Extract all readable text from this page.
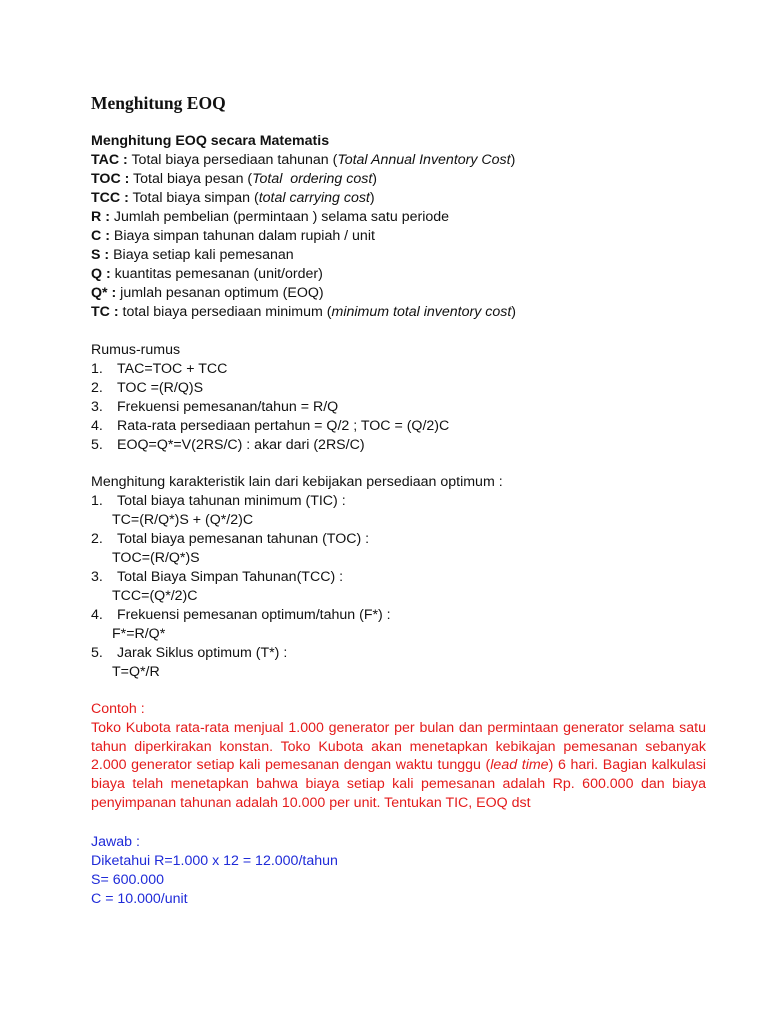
Menghitung EOQ
Menghitung EOQ secara Matematis
TAC : Total biaya persediaan tahunan (Total Annual Inventory Cost)
TOC : Total biaya pesan (Total  ordering cost)
TCC : Total biaya simpan (total carrying cost)
R : Jumlah pembelian (permintaan ) selama satu periode
C : Biaya simpan tahunan dalam rupiah / unit
S : Biaya setiap kali pemesanan
Q : kuantitas pemesanan (unit/order)
Q* : jumlah pesanan optimum (EOQ)
TC : total biaya persediaan minimum (minimum total inventory cost)
Rumus-rumus
1. TAC=TOC + TCC
2. TOC =(R/Q)S
3. Frekuensi pemesanan/tahun = R/Q
4. Rata-rata persediaan pertahun = Q/2 ; TOC = (Q/2)C
5. EOQ=Q*=V(2RS/C) : akar dari (2RS/C)
Menghitung karakteristik lain dari kebijakan persediaan optimum :
1. Total biaya tahunan minimum (TIC) :
TC=(R/Q*)S + (Q*/2)C
2. Total biaya pemesanan tahunan (TOC) :
TOC=(R/Q*)S
3. Total Biaya Simpan Tahunan(TCC) :
TCC=(Q*/2)C
4. Frekuensi pemesanan optimum/tahun (F*) :
F*=R/Q*
5. Jarak Siklus optimum (T*) :
T=Q*/R
Contoh :
Toko Kubota rata-rata menjual 1.000 generator per bulan dan permintaan generator selama satu tahun diperkirakan konstan. Toko Kubota akan menetapkan kebikajan pemesanan sebanyak 2.000 generator setiap kali pemesanan dengan waktu tunggu (lead time) 6 hari. Bagian kalkulasi biaya telah menetapkan bahwa biaya setiap kali pemesanan adalah Rp. 600.000 dan biaya penyimpanan tahunan adalah 10.000 per unit. Tentukan TIC, EOQ dst
Jawab :
Diketahui R=1.000 x 12 = 12.000/tahun
S= 600.000
C = 10.000/unit
